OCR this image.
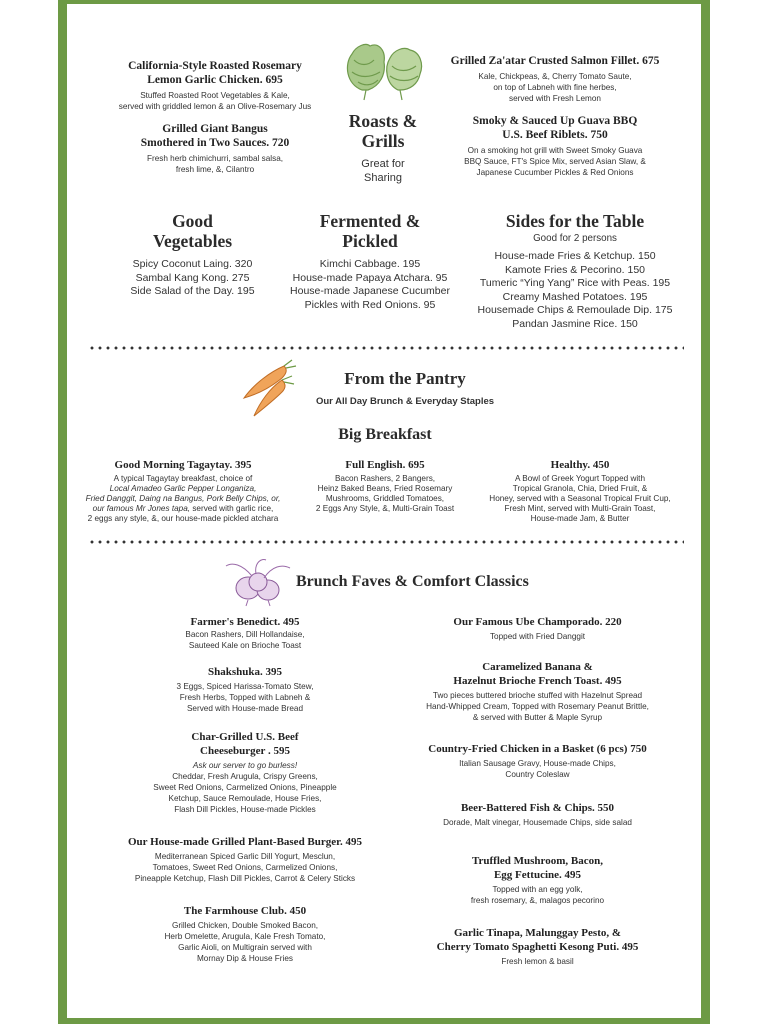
California-Style Roasted Rosemary
Lemon Garlic Chicken. 695
Stuffed Roasted Root Vegetables & Kale,
served with griddled lemon & an Olive-Rosemary Jus
Grilled Giant Bangus
Smothered in Two Sauces. 720
Fresh herb chimichurri, sambal salsa,
fresh lime, &, Cilantro
Roasts &
Grills
Great for
Sharing
Grilled Za'atar Crusted Salmon Fillet. 675
Kale, Chickpeas, &, Cherry Tomato Saute,
on top of Labneh with fine herbes,
served with Fresh Lemon
Smoky & Sauced Up Guava BBQ
U.S. Beef Riblets. 750
On a smoking hot grill with Sweet Smoky Guava
BBQ Sauce, FT's Spice Mix, served Asian Slaw, &
Japanese Cucumber Pickles & Red Onions
Good
Vegetables
Spicy Coconut Laing. 320
Sambal Kang Kong. 275
Side Salad of the Day. 195
Fermented &
Pickled
Kimchi Cabbage. 195
House-made Papaya Atchara. 95
House-made Japanese Cucumber
Pickles with Red Onions. 95
Sides for the Table
Good for 2 persons
House-made Fries & Ketchup. 150
Kamote Fries & Pecorino. 150
Tumeric “Ying Yang” Rice with Peas. 195
Creamy Mashed Potatoes. 195
Housemade Chips & Remoulade Dip. 175
Pandan Jasmine Rice. 150
From the Pantry
Our All Day Brunch & Everyday Staples
Big Breakfast
Good Morning Tagaytay. 395
A typical Tagaytay breakfast, choice of
Local Amadeo Garlic Pepper Longaniza,
Fried Danggit, Daing na Bangus, Pork Belly Chips, or,
our famous Mr Jones tapa, served with garlic rice,
2 eggs any style, &, our house-made pickled atchara
Full English. 695
Bacon Rashers, 2 Bangers,
Heinz Baked Beans, Fried Rosemary
Mushrooms, Griddled Tomatoes,
2 Eggs Any Style, &, Multi-Grain Toast
Healthy. 450
A Bowl of Greek Yogurt Topped with
Tropical Granola, Chia, Dried Fruit, &
Honey, served with a Seasonal Tropical Fruit Cup,
Fresh Mint, served with Multi-Grain Toast,
House-made Jam, & Butter
Brunch Faves & Comfort Classics
Farmer's Benedict. 495
Bacon Rashers, Dill Hollandaise,
Sauteed Kale on Brioche Toast
Shakshuka. 395
3 Eggs, Spiced Harissa-Tomato Stew,
Fresh Herbs, Topped with Labneh &
Served with House-made Bread
Char-Grilled U.S. Beef
Cheeseburger . 595
Ask our server to go burless!
Cheddar, Fresh Arugula, Crispy Greens,
Sweet Red Onions, Carmelized Onions, Pineapple
Ketchup, Sauce Remoulade, House Fries,
Flash Dill Pickles, House-made Pickles
Our House-made Grilled Plant-Based Burger. 495
Mediterranean Spiced Garlic Dill Yogurt, Mesclun,
Tomatoes, Sweet Red Onions, Carmelized Onions,
Pineapple Ketchup, Flash Dill Pickles, Carrot & Celery Sticks
The Farmhouse Club. 450
Grilled Chicken, Double Smoked Bacon,
Herb Omelette, Arugula, Kale Fresh Tomato,
Garlic Aioli, on Multigrain served with
Mornay Dip & House Fries
Our Famous Ube Champorado. 220
Topped with Fried Danggit
Caramelized Banana &
Hazelnut Brioche French Toast. 495
Two pieces buttered brioche stuffed with Hazelnut Spread
Hand-Whipped Cream, Topped with Rosemary Peanut Brittle,
& served with Butter & Maple Syrup
Country-Fried Chicken in a Basket (6 pcs) 750
Italian Sausage Gravy, House-made Chips,
Country Coleslaw
Beer-Battered Fish & Chips. 550
Dorade, Malt vinegar, Housemade Chips, side salad
Truffled Mushroom, Bacon,
Egg Fettucine. 495
Topped with an egg yolk,
fresh rosemary, &, malagos pecorino
Garlic Tinapa, Malunggay Pesto, &
Cherry Tomato Spaghetti Kesong Puti. 495
Fresh lemon & basil
